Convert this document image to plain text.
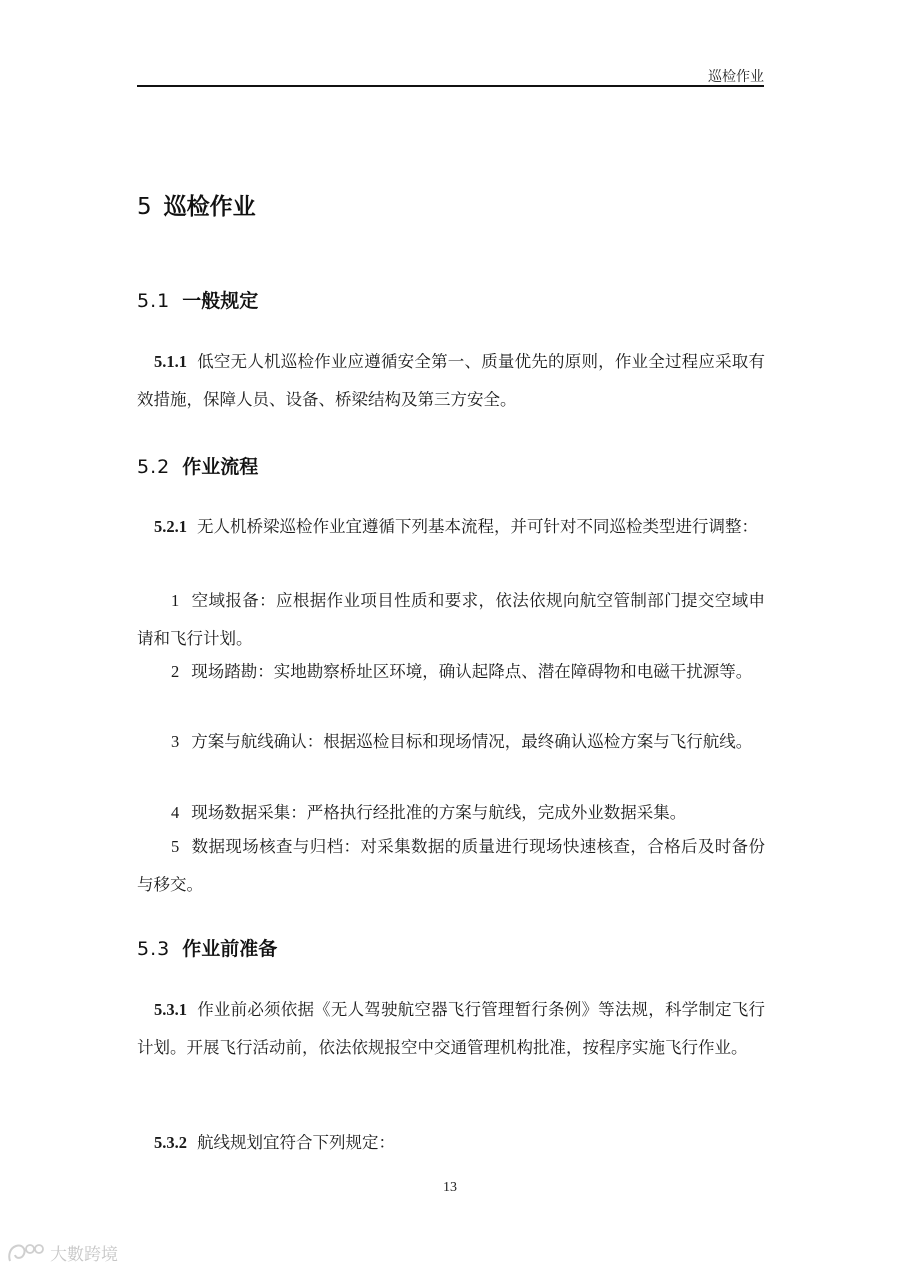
巡检作业
5 巡检作业
5.1 一般规定
5.1.1 低空无人机巡检作业应遵循安全第一、质量优先的原则，作业全过程应采取有效措施，保障人员、设备、桥梁结构及第三方安全。
5.2 作业流程
5.2.1 无人机桥梁巡检作业宜遵循下列基本流程，并可针对不同巡检类型进行调整：
1 空域报备：应根据作业项目性质和要求，依法依规向航空管制部门提交空域申请和飞行计划。
2 现场踏勘：实地勘察桥址区环境，确认起降点、潜在障碍物和电磁干扰源等。
3 方案与航线确认：根据巡检目标和现场情况，最终确认巡检方案与飞行航线。
4 现场数据采集：严格执行经批准的方案与航线，完成外业数据采集。
5 数据现场核查与归档：对采集数据的质量进行现场快速核查，合格后及时备份与移交。
5.3 作业前准备
5.3.1 作业前必须依据《无人驾驶航空器飞行管理暂行条例》等法规，科学制定飞行计划。开展飞行活动前，依法依规报空中交通管理机构批准，按程序实施飞行作业。
5.3.2 航线规划宜符合下列规定：
13
大數跨境
